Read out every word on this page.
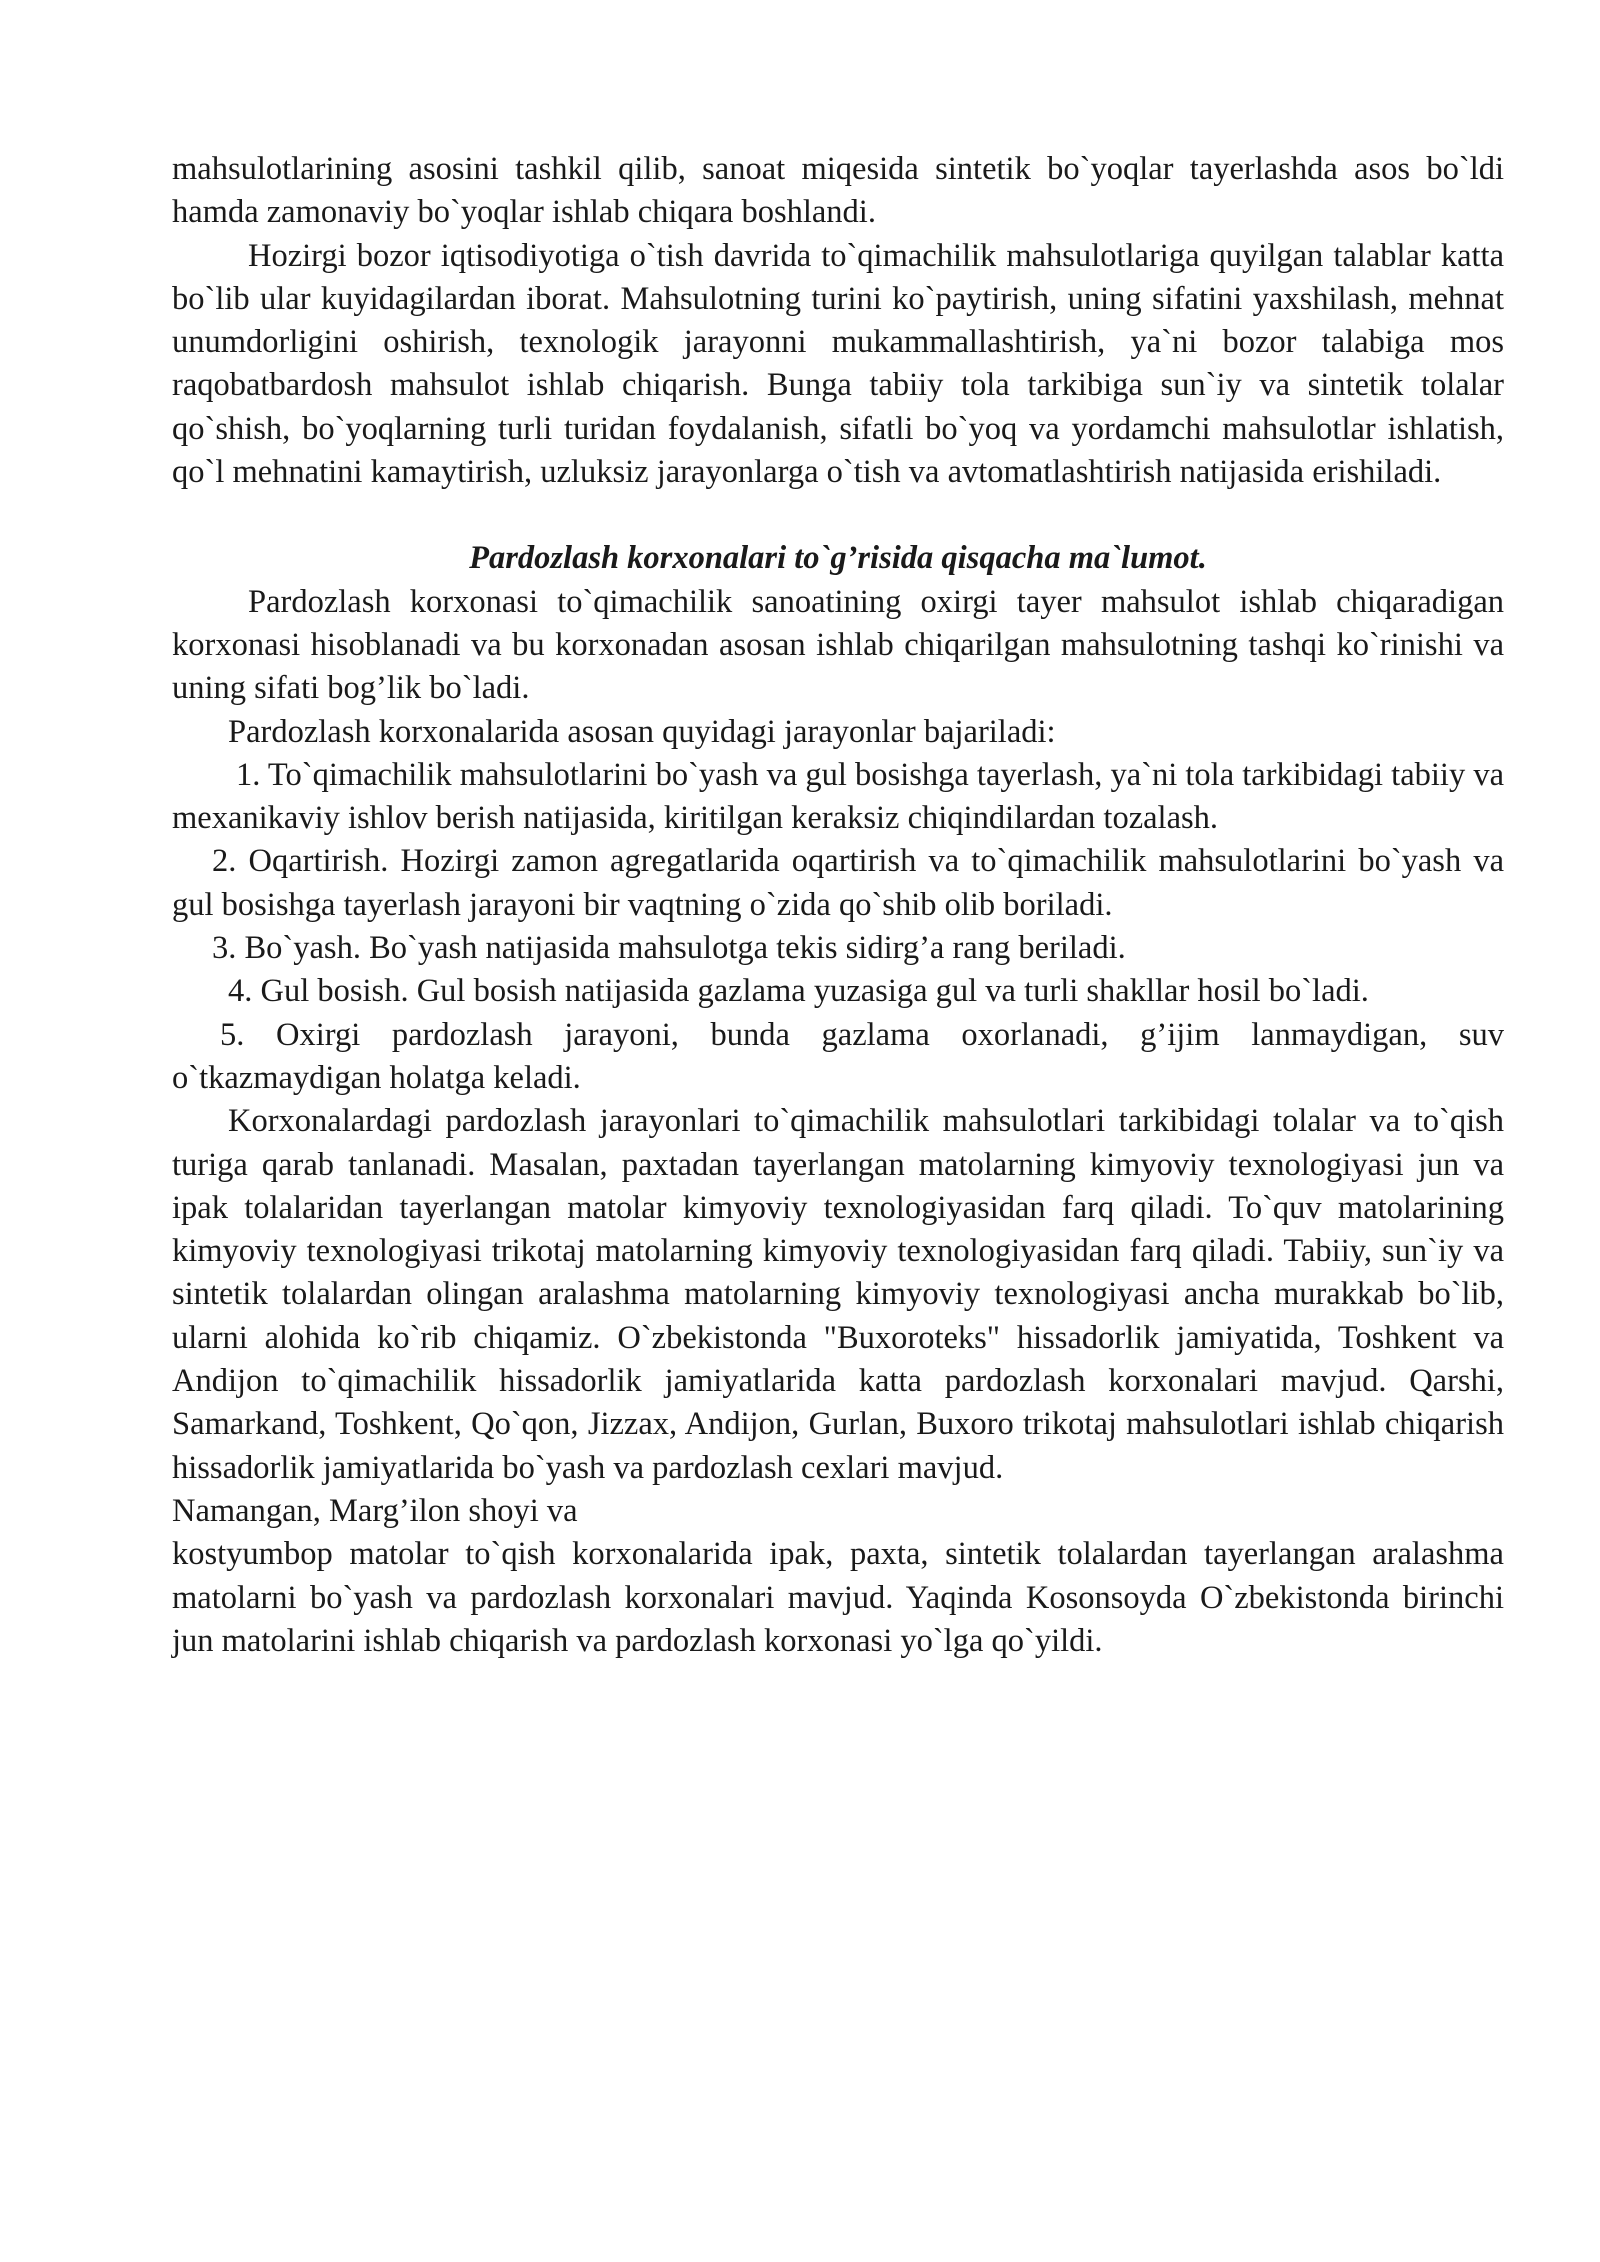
mahsulotlarining asosini tashkil qilib, sanoat miqesida sintetik bo`yoqlar tayerlashda asos bo`ldi hamda zamonaviy bo`yoqlar ishlab chiqara boshlandi.

Hozirgi bozor iqtisodiyotiga o`tish davrida to`qimachilik mahsulotlariga quyilgan talablar katta bo`lib ular kuyidagilardan iborat. Mahsulotning turini ko`paytirish, uning sifatini yaxshilash, mehnat unumdorligini oshirish, texnologik jarayonni mukammallashtirish, ya`ni bozor talabiga mos raqobatbardosh mahsulot ishlab chiqarish. Bunga tabiiy tola tarkibiga sun`iy va sintetik tolalar qo`shish, bo`yoqlarning turli turidan foydalanish, sifatli bo`yoq va yordamchi mahsulotlar ishlatish, qo`l mehnatini kamaytirish, uzluksiz jarayonlarga o`tish va avtomatlashtirish natijasida erishiladi.

Pardozlash korxonalari to`g’risida qisqacha ma`lumot.

Pardozlash korxonasi to`qimachilik sanoatining oxirgi tayer mahsulot ishlab chiqaradigan korxonasi hisoblanadi va bu korxonadan asosan ishlab chiqarilgan mahsulotning tashqi ko`rinishi va uning sifati bog’lik bo`ladi.

Pardozlash korxonalarida asosan quyidagi jarayonlar bajariladi:

1. To`qimachilik mahsulotlarini bo`yash va gul bosishga tayerlash, ya`ni tola tarkibidagi tabiiy va mexanikaviy ishlov berish natijasida, kiritilgan keraksiz chiqindilardan tozalash.

2. Oqartirish. Hozirgi zamon agregatlarida oqartirish va to`qimachilik mahsulotlarini bo`yash va gul bosishga tayerlash jarayoni bir vaqtning o`zida qo`shib olib boriladi.

3. Bo`yash. Bo`yash natijasida mahsulotga tekis sidirg’a rang beriladi.

4. Gul bosish. Gul bosish natijasida gazlama yuzasiga gul va turli shakllar hosil bo`ladi.

5. Oxirgi pardozlash jarayoni, bunda gazlama oxorlanadi, g’ijim lanmaydigan, suv o`tkazmaydigan holatga keladi.

Korxonalardagi pardozlash jarayonlari to`qimachilik mahsulotlari tarkibidagi tolalar va to`qish turiga qarab tanlanadi. Masalan, paxtadan tayerlangan matolarning kimyoviy texnologiyasi jun va ipak tolalaridan tayerlangan matolar kimyoviy texnologiyasidan farq qiladi. To`quv matolarining kimyoviy texnologiyasi trikotaj matolarning kimyoviy texnologiyasidan farq qiladi. Tabiiy, sun`iy va sintetik tolalardan olingan aralashma matolarning kimyoviy texnologiyasi ancha murakkab bo`lib, ularni alohida ko`rib chiqamiz. O`zbekistonda "Buxoroteks" hissadorlik jamiyatida, Toshkent va Andijon to`qimachilik hissadorlik jamiyatlarida katta pardozlash korxonalari mavjud. Qarshi, Samarkand, Toshkent, Qo`qon, Jizzax, Andijon, Gurlan, Buxoro trikotaj mahsulotlari ishlab chiqarish hissadorlik jamiyatlarida bo`yash va pardozlash cexlari mavjud.

Namangan, Marg’ilon shoyi va

kostyumbop matolar to`qish korxonalarida ipak, paxta, sintetik tolalardan tayerlangan aralashma matolarni bo`yash va pardozlash korxonalari mavjud. Yaqinda Kosonsoyda O`zbekistonda birinchi jun matolarini ishlab chiqarish va pardozlash korxonasi yo`lga qo`yildi.
